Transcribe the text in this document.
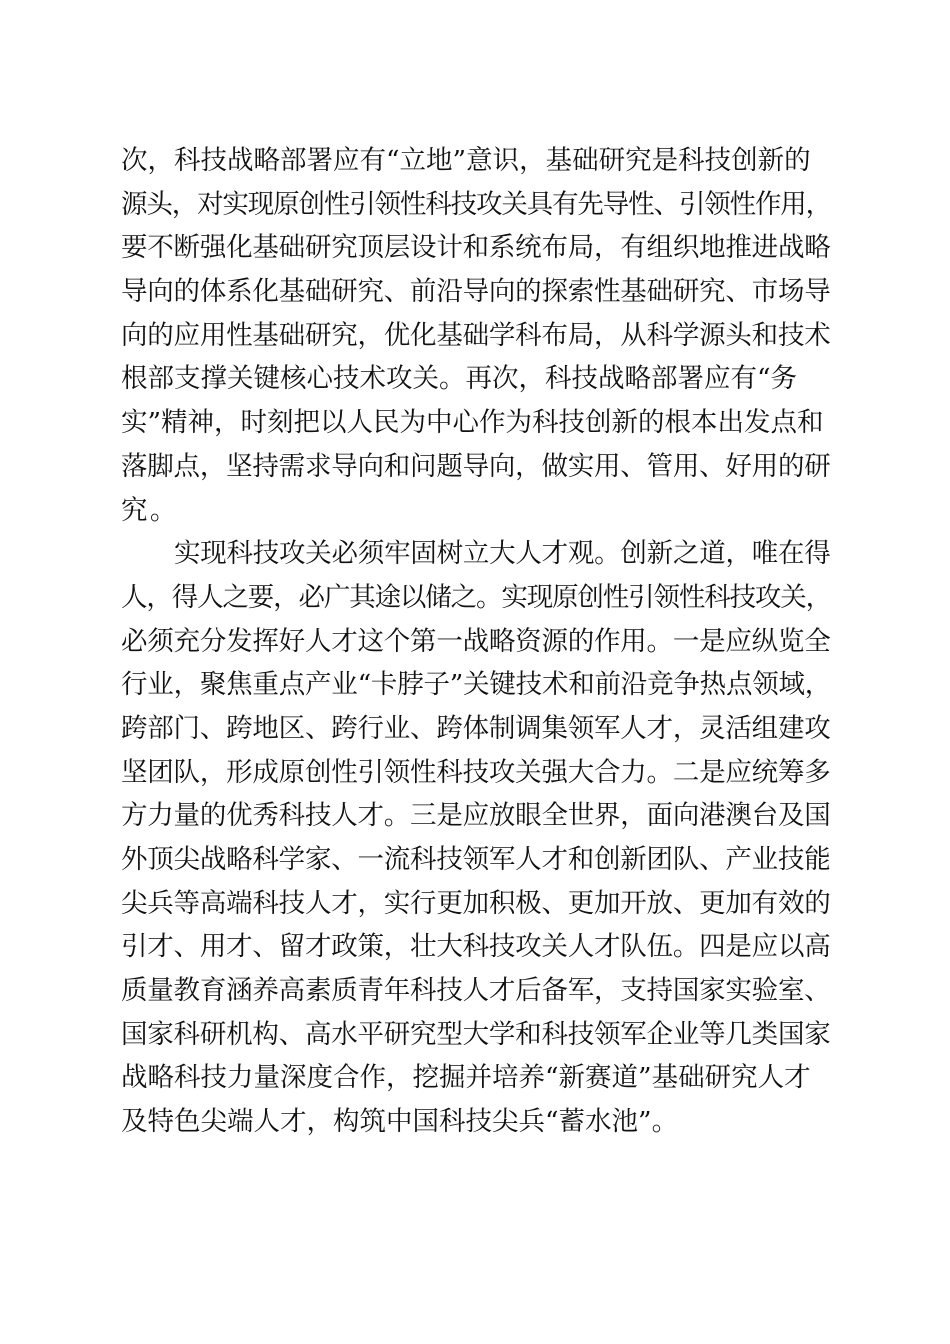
次，科技战略部署应有“立地”意识，基础研究是科技创新的
源头，对实现原创性引领性科技攻关具有先导性、引领性作用，
要不断强化基础研究顶层设计和系统布局，有组织地推进战略
导向的体系化基础研究、前沿导向的探索性基础研究、市场导
向的应用性基础研究，优化基础学科布局，从科学源头和技术
根部支撑关键核心技术攻关。再次，科技战略部署应有“务
实”精神，时刻把以人民为中心作为科技创新的根本出发点和
落脚点，坚持需求导向和问题导向，做实用、管用、好用的研
究。
实现科技攻关必须牢固树立大人才观。创新之道，唯在得
人，得人之要，必广其途以储之。实现原创性引领性科技攻关，
必须充分发挥好人才这个第一战略资源的作用。一是应纵览全
行业，聚焦重点产业“卡脖子”关键技术和前沿竞争热点领域，
跨部门、跨地区、跨行业、跨体制调集领军人才，灵活组建攻
坚团队，形成原创性引领性科技攻关强大合力。二是应统筹多
方力量的优秀科技人才。三是应放眼全世界，面向港澳台及国
外顶尖战略科学家、一流科技领军人才和创新团队、产业技能
尖兵等高端科技人才，实行更加积极、更加开放、更加有效的
引才、用才、留才政策，壮大科技攻关人才队伍。四是应以高
质量教育涵养高素质青年科技人才后备军，支持国家实验室、
国家科研机构、高水平研究型大学和科技领军企业等几类国家
战略科技力量深度合作，挖掘并培养“新赛道”基础研究人才
及特色尖端人才，构筑中国科技尖兵“蓄水池”。
